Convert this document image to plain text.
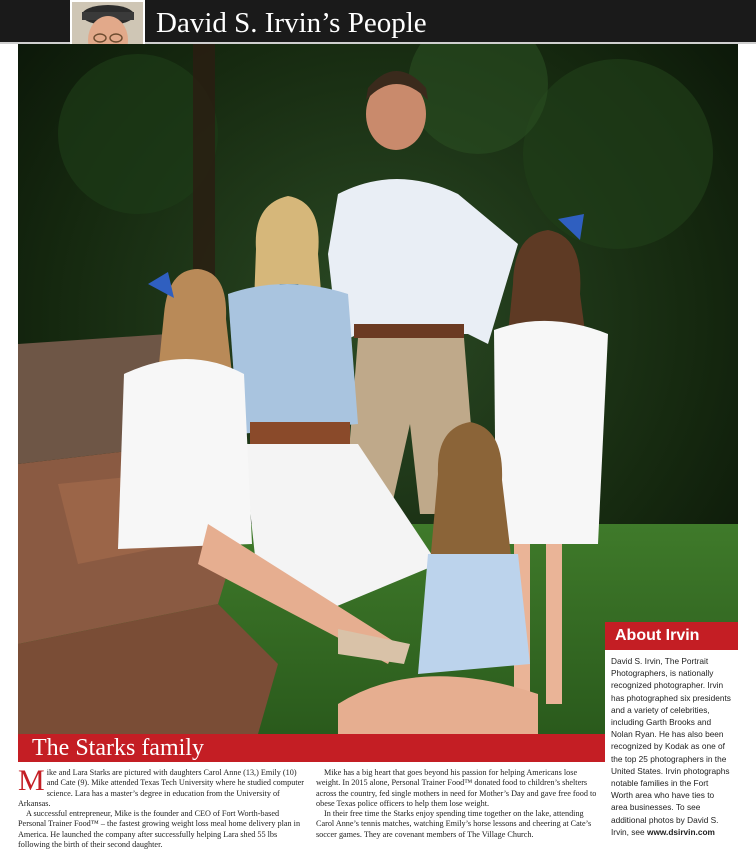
David S. Irvin’s People
About Irvin
David S. Irvin, The Portrait Photographers, is nationally recognized photographer. Irvin has photographed six presidents and a variety of celebrities, including Garth Brooks and Nolan Ryan. He has also been recognized by Kodak as one of the top 25 photographers in the United States. Irvin photographs notable families in the Fort Worth area who have ties to area businesses. To see additional photos by David S. Irvin, see www.dsirvin.com
The Starks family

Mike and Lara Starks are pictured with daughters Carol Anne (13,) Emily (10) and Cate (9). Mike attended Texas Tech University where he studied computer science. Lara has a master’s degree in education from the University of Arkansas.

A successful entrepreneur, Mike is the founder and CEO of Fort Worth-based Personal Trainer Food™ – the fastest growing weight loss meal home delivery plan in America. He launched the company after successfully helping Lara shed 55 lbs following the birth of their second daughter.

Mike has a big heart that goes beyond his passion for helping Americans lose weight. In 2015 alone, Personal Trainer Food™ donated food to children’s shelters across the country, fed single mothers in need for Mother’s Day and gave free food to obese Texas police officers to help them lose weight.

In their free time the Starks enjoy spending time together on the lake, attending Carol Anne’s tennis matches, watching Emily’s horse lessons and cheering at Cate’s soccer games. They are covenant members of The Village Church.
